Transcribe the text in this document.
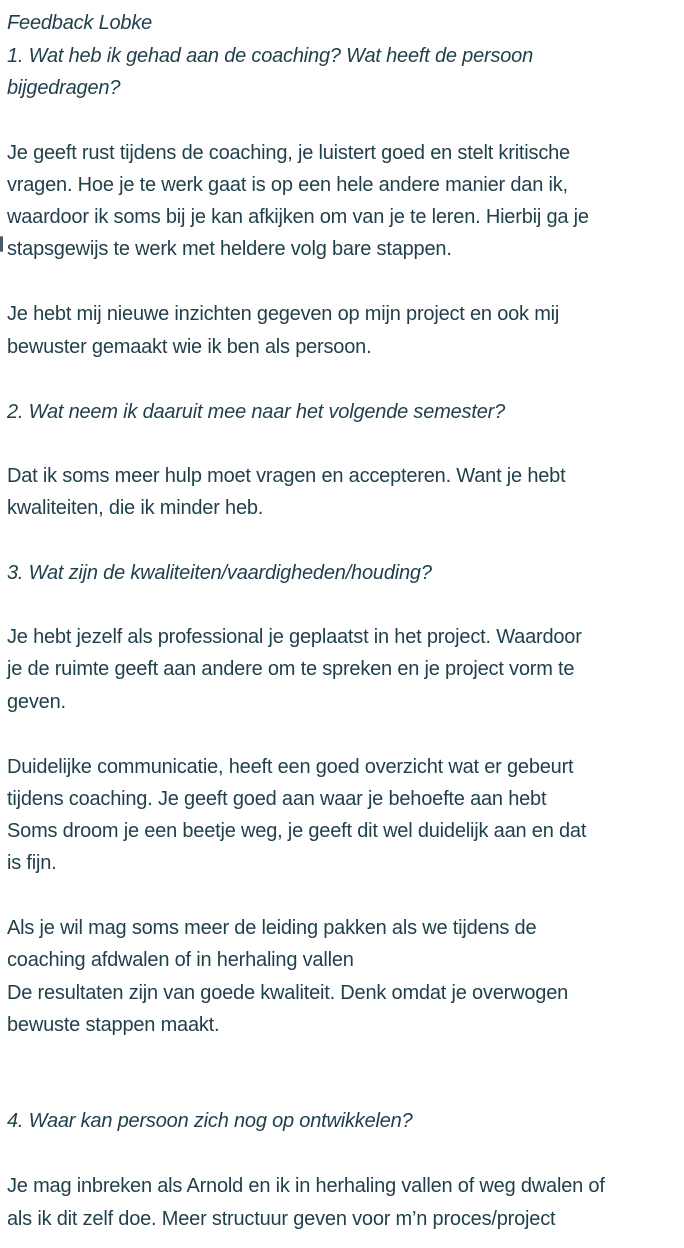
Feedback Lobke
1. Wat heb ik gehad aan de coaching? Wat heeft de persoon
bijgedragen?
Je geeft rust tijdens de coaching, je luistert goed en stelt kritische
vragen. Hoe je te werk gaat is op een hele andere manier dan ik,
waardoor ik soms bij je kan afkijken om van je te leren. Hierbij ga je
stapsgewijs te werk met heldere volg bare stappen.
Je hebt mij nieuwe inzichten gegeven op mijn project en ook mij
bewuster gemaakt wie ik ben als persoon.
2. Wat neem ik daaruit mee naar het volgende semester?
Dat ik soms meer hulp moet vragen en accepteren. Want je hebt
kwaliteiten, die ik minder heb.
3. Wat zijn de kwaliteiten/vaardigheden/houding?
Je hebt jezelf als professional je geplaatst in het project. Waardoor
je de ruimte geeft aan andere om te spreken en je project vorm te
geven.
Duidelijke communicatie, heeft een goed overzicht wat er gebeurt
tijdens coaching. Je geeft goed aan waar je behoefte aan hebt
Soms droom je een beetje weg, je geeft dit wel duidelijk aan en dat
is fijn.
Als je wil mag soms meer de leiding pakken als we tijdens de
coaching afdwalen of in herhaling vallen
De resultaten zijn van goede kwaliteit. Denk omdat je overwogen
bewuste stappen maakt.
4. Waar kan persoon zich nog op ontwikkelen?
Je mag inbreken als Arnold en ik in herhaling vallen of weg dwalen of
als ik dit zelf doe. Meer structuur geven voor m’n proces/project
